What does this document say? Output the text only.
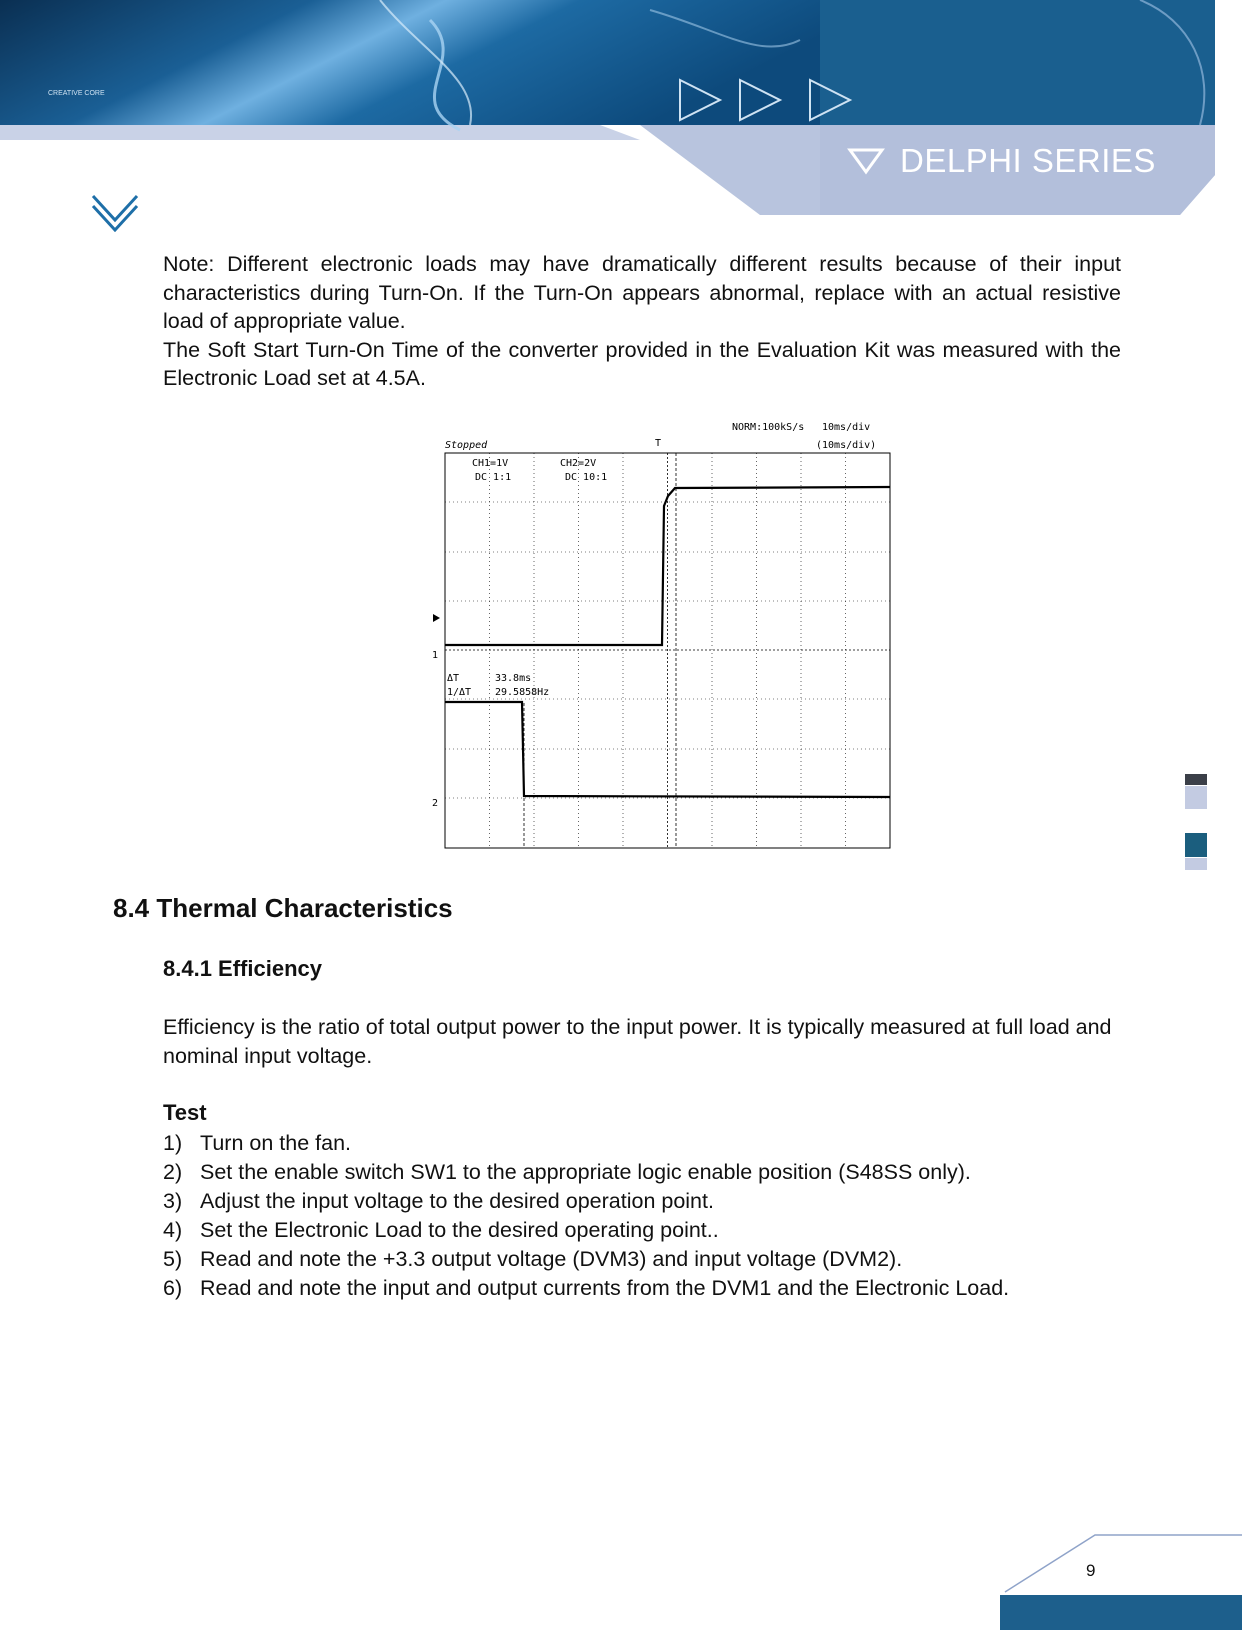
CREATIVE CORE
DELPHI SERIES

Note: Different electronic loads may have dramatically different results because of their input characteristics during Turn-On. If the Turn-On appears abnormal, replace with an actual resistive load of appropriate value.

The Soft Start Turn-On Time of the converter provided in the Evaluation Kit was measured with the Electronic Load set at 4.5A.

NORM:100kS/s 10ms/div
Stopped	(10ms/div)
T
CH1=1V
DC 1:1
CH2=2V
DC 10:1
ΔT	33.8ms
1/ΔT 29.5858Hz
1
2
8.4 Thermal Characteristics
8.4.1 Efficiency
Efficiency is the ratio of total output power to the input power. It is typically measured at full load and nominal input voltage.
Test
1) Turn on the fan.
2) Set the enable switch SW1 to the appropriate logic enable position (S48SS only).
3) Adjust the input voltage to the desired operation point.
4) Set the Electronic Load to the desired operating point..
5) Read and note the +3.3 output voltage (DVM3) and input voltage (DVM2).
6) Read and note the input and output currents from the DVM1 and the Electronic Load.
9
